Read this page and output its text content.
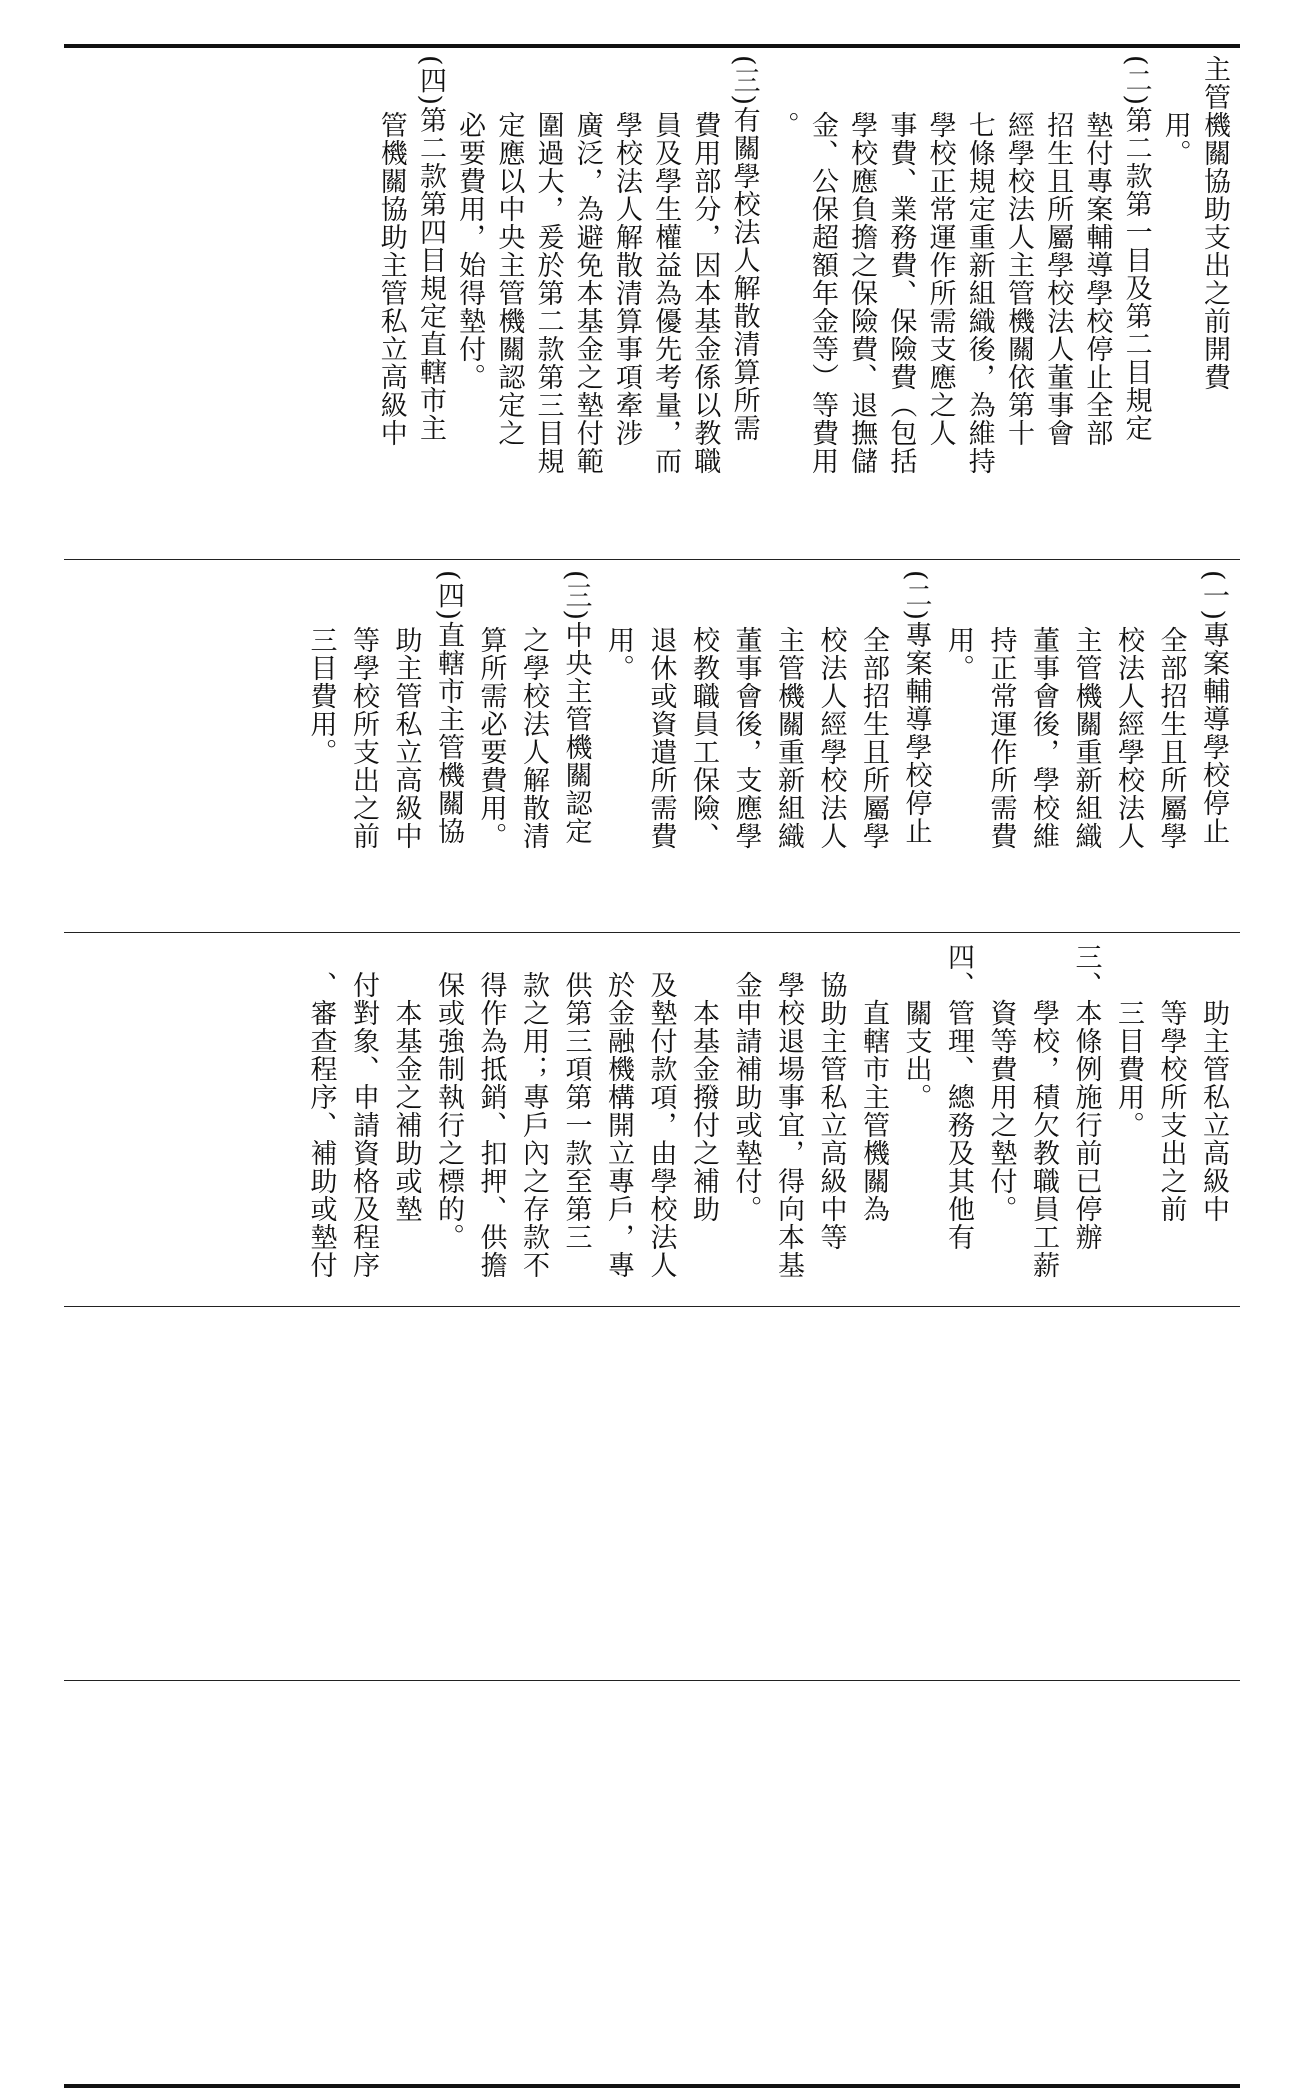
主管機關協助支出之前開費

　　用。

(二)第二款第一目及第二目規定

　　墊付專案輔導學校停止全部

　　招生且所屬學校法人董事會

　　經學校法人主管機關依第十

　　七條規定重新組織後，為維持

　　學校正常運作所需支應之人

　　事費、業務費、保險費（包括

　　學校應負擔之保險費、退撫儲

　　金、公保超額年金等）等費用

　　。

(三)有關學校法人解散清算所需

　　費用部分，因本基金係以教職

　　員及學生權益為優先考量，而

　　學校法人解散清算事項牽涉

　　廣泛，為避免本基金之墊付範

　　圍過大，爰於第二款第三目規

　　定應以中央主管機關認定之

　　必要費用，始得墊付。

(四)第二款第四目規定直轄市主

　　管機關協助主管私立高級中

(一)專案輔導學校停止

　　全部招生且所屬學

　　校法人經學校法人

　　主管機關重新組織

　　董事會後，學校維

　　持正常運作所需費

　　用。

(二)專案輔導學校停止

　　全部招生且所屬學

　　校法人經學校法人

　　主管機關重新組織

　　董事會後，支應學

　　校教職員工保險、

　　退休或資遣所需費

　　用。

(三)中央主管機關認定

　　之學校法人解散清

　　算所需必要費用。

(四)直轄市主管機關協

　　助主管私立高級中

　　等學校所支出之前

　　三目費用。

　　助主管私立高級中

　　等學校所支出之前

　　三目費用。

三、本條例施行前已停辦

　　學校，積欠教職員工薪

　　資等費用之墊付。

四、管理、總務及其他有

　　關支出。

　　直轄市主管機關為

　協助主管私立高級中等

　學校退場事宜，得向本基

　金申請補助或墊付。

　　本基金撥付之補助

　及墊付款項，由學校法人

　於金融機構開立專戶，專

　供第三項第一款至第三

　款之用；專戶內之存款不

　得作為抵銷、扣押、供擔

　保或強制執行之標的。

　　本基金之補助或墊

　付對象、申請資格及程序

　、審查程序、補助或墊付
